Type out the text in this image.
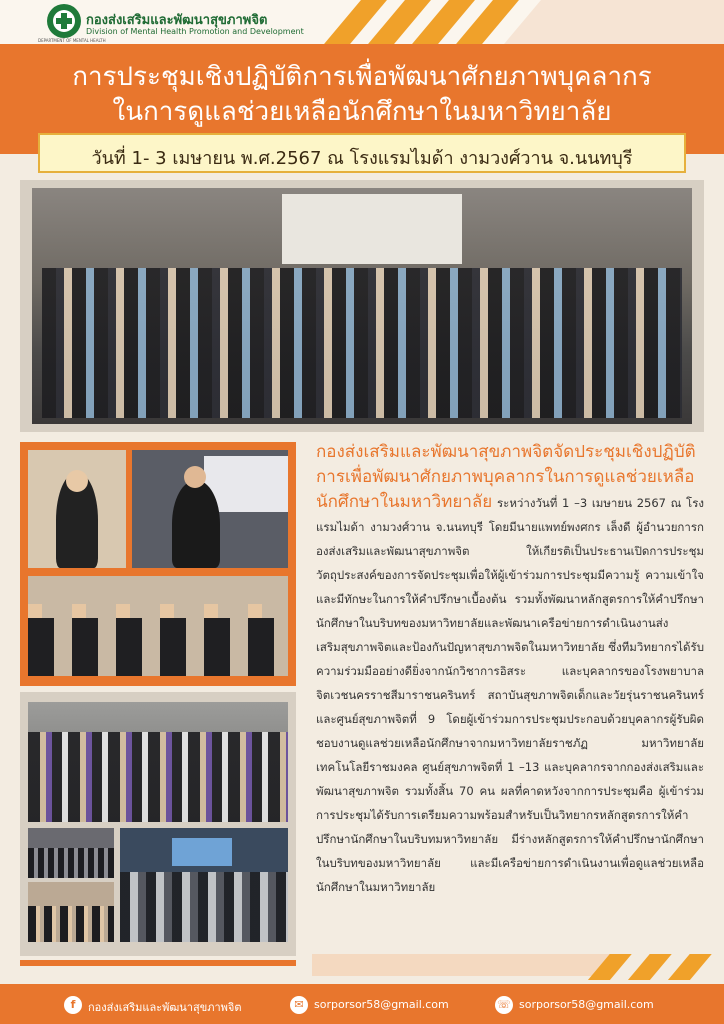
DEPARTMENT OF MENTAL HEALTH
กองส่งเสริมและพัฒนาสุขภาพจิต
Division of Mental Health Promotion and Development
การประชุมเชิงปฏิบัติการเพื่อพัฒนาศักยภาพบุคลากร
ในการดูแลช่วยเหลือนักศึกษาในมหาวิทยาลัย
วันที่ 1- 3 เมษายน พ.ศ.2567 ณ โรงแรมไมด้า งามวงศ์วาน จ.นนทบุรี
กองส่งเสริมและพัฒนาสุขภาพจิตจัดประชุมเชิงปฏิบัติการเพื่อพัฒนาศักยภาพบุคลากรในการดูแลช่วยเหลือนักศึกษาในมหาวิทยาลัย ระหว่างวันที่ 1 –3 เมษายน 2567 ณ โรงแรมไมด้า งามวงศ์วาน จ.นนทบุรี โดยมีนายแพทย์พงศกร เล็งดี ผู้อำนวยการกองส่งเสริมและพัฒนาสุขภาพจิต ให้เกียรติเป็นประธานเปิดการประชุม วัตถุประสงค์ของการจัดประชุมเพื่อให้ผู้เข้าร่วมการประชุมมีความรู้ ความเข้าใจและมีทักษะในการให้คำปรึกษาเบื้องต้น รวมทั้งพัฒนาหลักสูตรการให้คำปรึกษานักศึกษาในบริบทของมหาวิทยาลัยและพัฒนาเครือข่ายการดำเนินงานส่งเสริมสุขภาพจิตและป้องกันปัญหาสุขภาพจิตในมหาวิทยาลัย ซึ่งทีมวิทยากรได้รับความร่วมมืออย่างดียิ่งจากนักวิชาการอิสระ และบุคลากรของโรงพยาบาลจิตเวชนครราชสีมาราชนครินทร์ สถาบันสุขภาพจิตเด็กและวัยรุ่นราชนครินทร์ และศูนย์สุขภาพจิตที่ 9 โดยผู้เข้าร่วมการประชุมประกอบด้วยบุคลากรผู้รับผิดชอบงานดูแลช่วยเหลือนักศึกษาจากมหาวิทยาลัยราชภัฏ มหาวิทยาลัยเทคโนโลยีราชมงคล ศูนย์สุขภาพจิตที่ 1 –13 และบุคลากรจากกองส่งเสริมและพัฒนาสุขภาพจิต รวมทั้งสิ้น 70 คน ผลที่คาดหวังจากการประชุมคือ ผู้เข้าร่วมการประชุมได้รับการเตรียมความพร้อมสำหรับเป็นวิทยากรหลักสูตรการให้คำปรึกษานักศึกษาในบริบทมหาวิทยาลัย มีร่างหลักสูตรการให้คำปรึกษานักศึกษาในบริบทของมหาวิทยาลัย และมีเครือข่ายการดำเนินงานเพื่อดูแลช่วยเหลือนักศึกษาในมหาวิทยาลัย
f	กองส่งเสริมและพัฒนาสุขภาพจิต	✉ sorporsor58@gmail.com	☏ sorporsor58@gmail.com
